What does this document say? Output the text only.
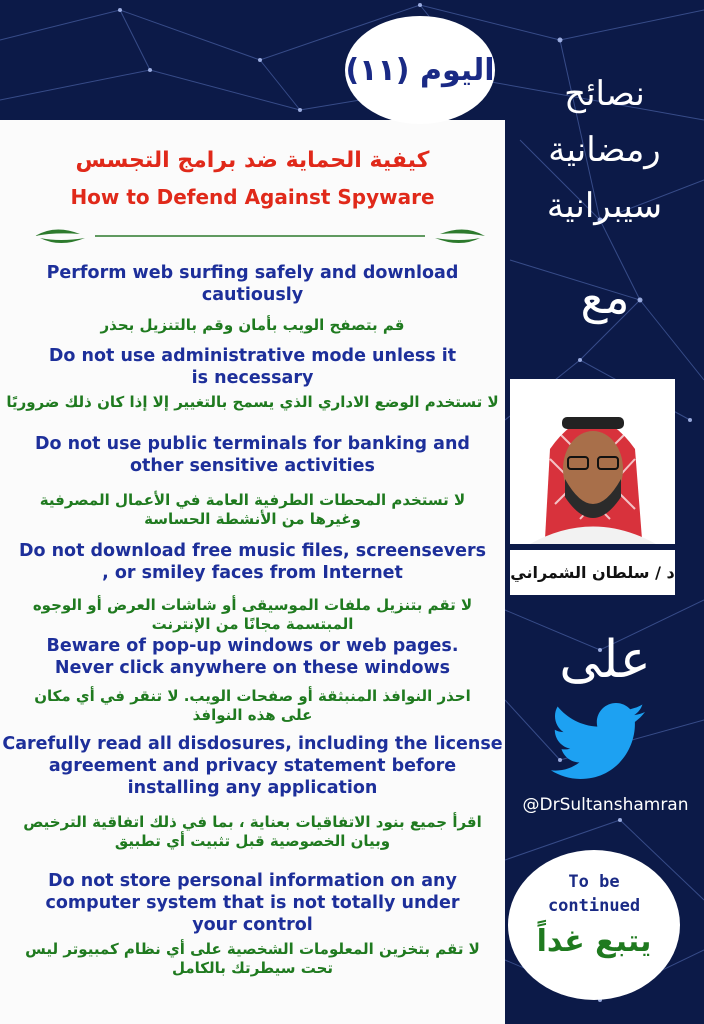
اليوم (١١)
كيفية الحماية ضد برامج التجسس
How to Defend Against Spyware
Perform web surfing safely and download
cautiously
قم بتصفح الويب بأمان وقم بالتنزيل بحذر
Do not use administrative mode unless it
is necessary
لا تستخدم الوضع الاداري الذي يسمح بالتغيير إلا إذا كان ذلك ضروريًا
Do not use public terminals for banking and
other sensitive activities
لا تستخدم المحطات الطرفية العامة في الأعمال المصرفية
وغيرها من الأنشطة الحساسة
Do not download free music files, screensevers
, or smiley faces from Internet
لا تقم بتنزيل ملفات الموسيقى أو شاشات العرض أو الوجوه
المبتسمة مجانًا من الإنترنت
Beware of pop-up windows or web pages.
Never click anywhere on these windows
احذر النوافذ المنبثقة أو صفحات الويب. لا تنقر في أي مكان
على هذه النوافذ
Carefully read all disdosures, including the license
agreement and privacy statement before
installing any application
اقرأ جميع بنود الاتفاقيات بعناية ، بما في ذلك اتفاقية الترخيص
وبيان الخصوصية قبل تثبيت أي تطبيق
Do not store personal information on any
computer system that is not totally under
your control
لا تقم بتخزين المعلومات الشخصية على أي نظام كمبيوتر ليس
تحت سيطرتك بالكامل
نصائح
رمضانية
سيبرانية
مع
د / سلطان الشمراني
على
@DrSultanshamran
To be
continued
يتبع غداً
